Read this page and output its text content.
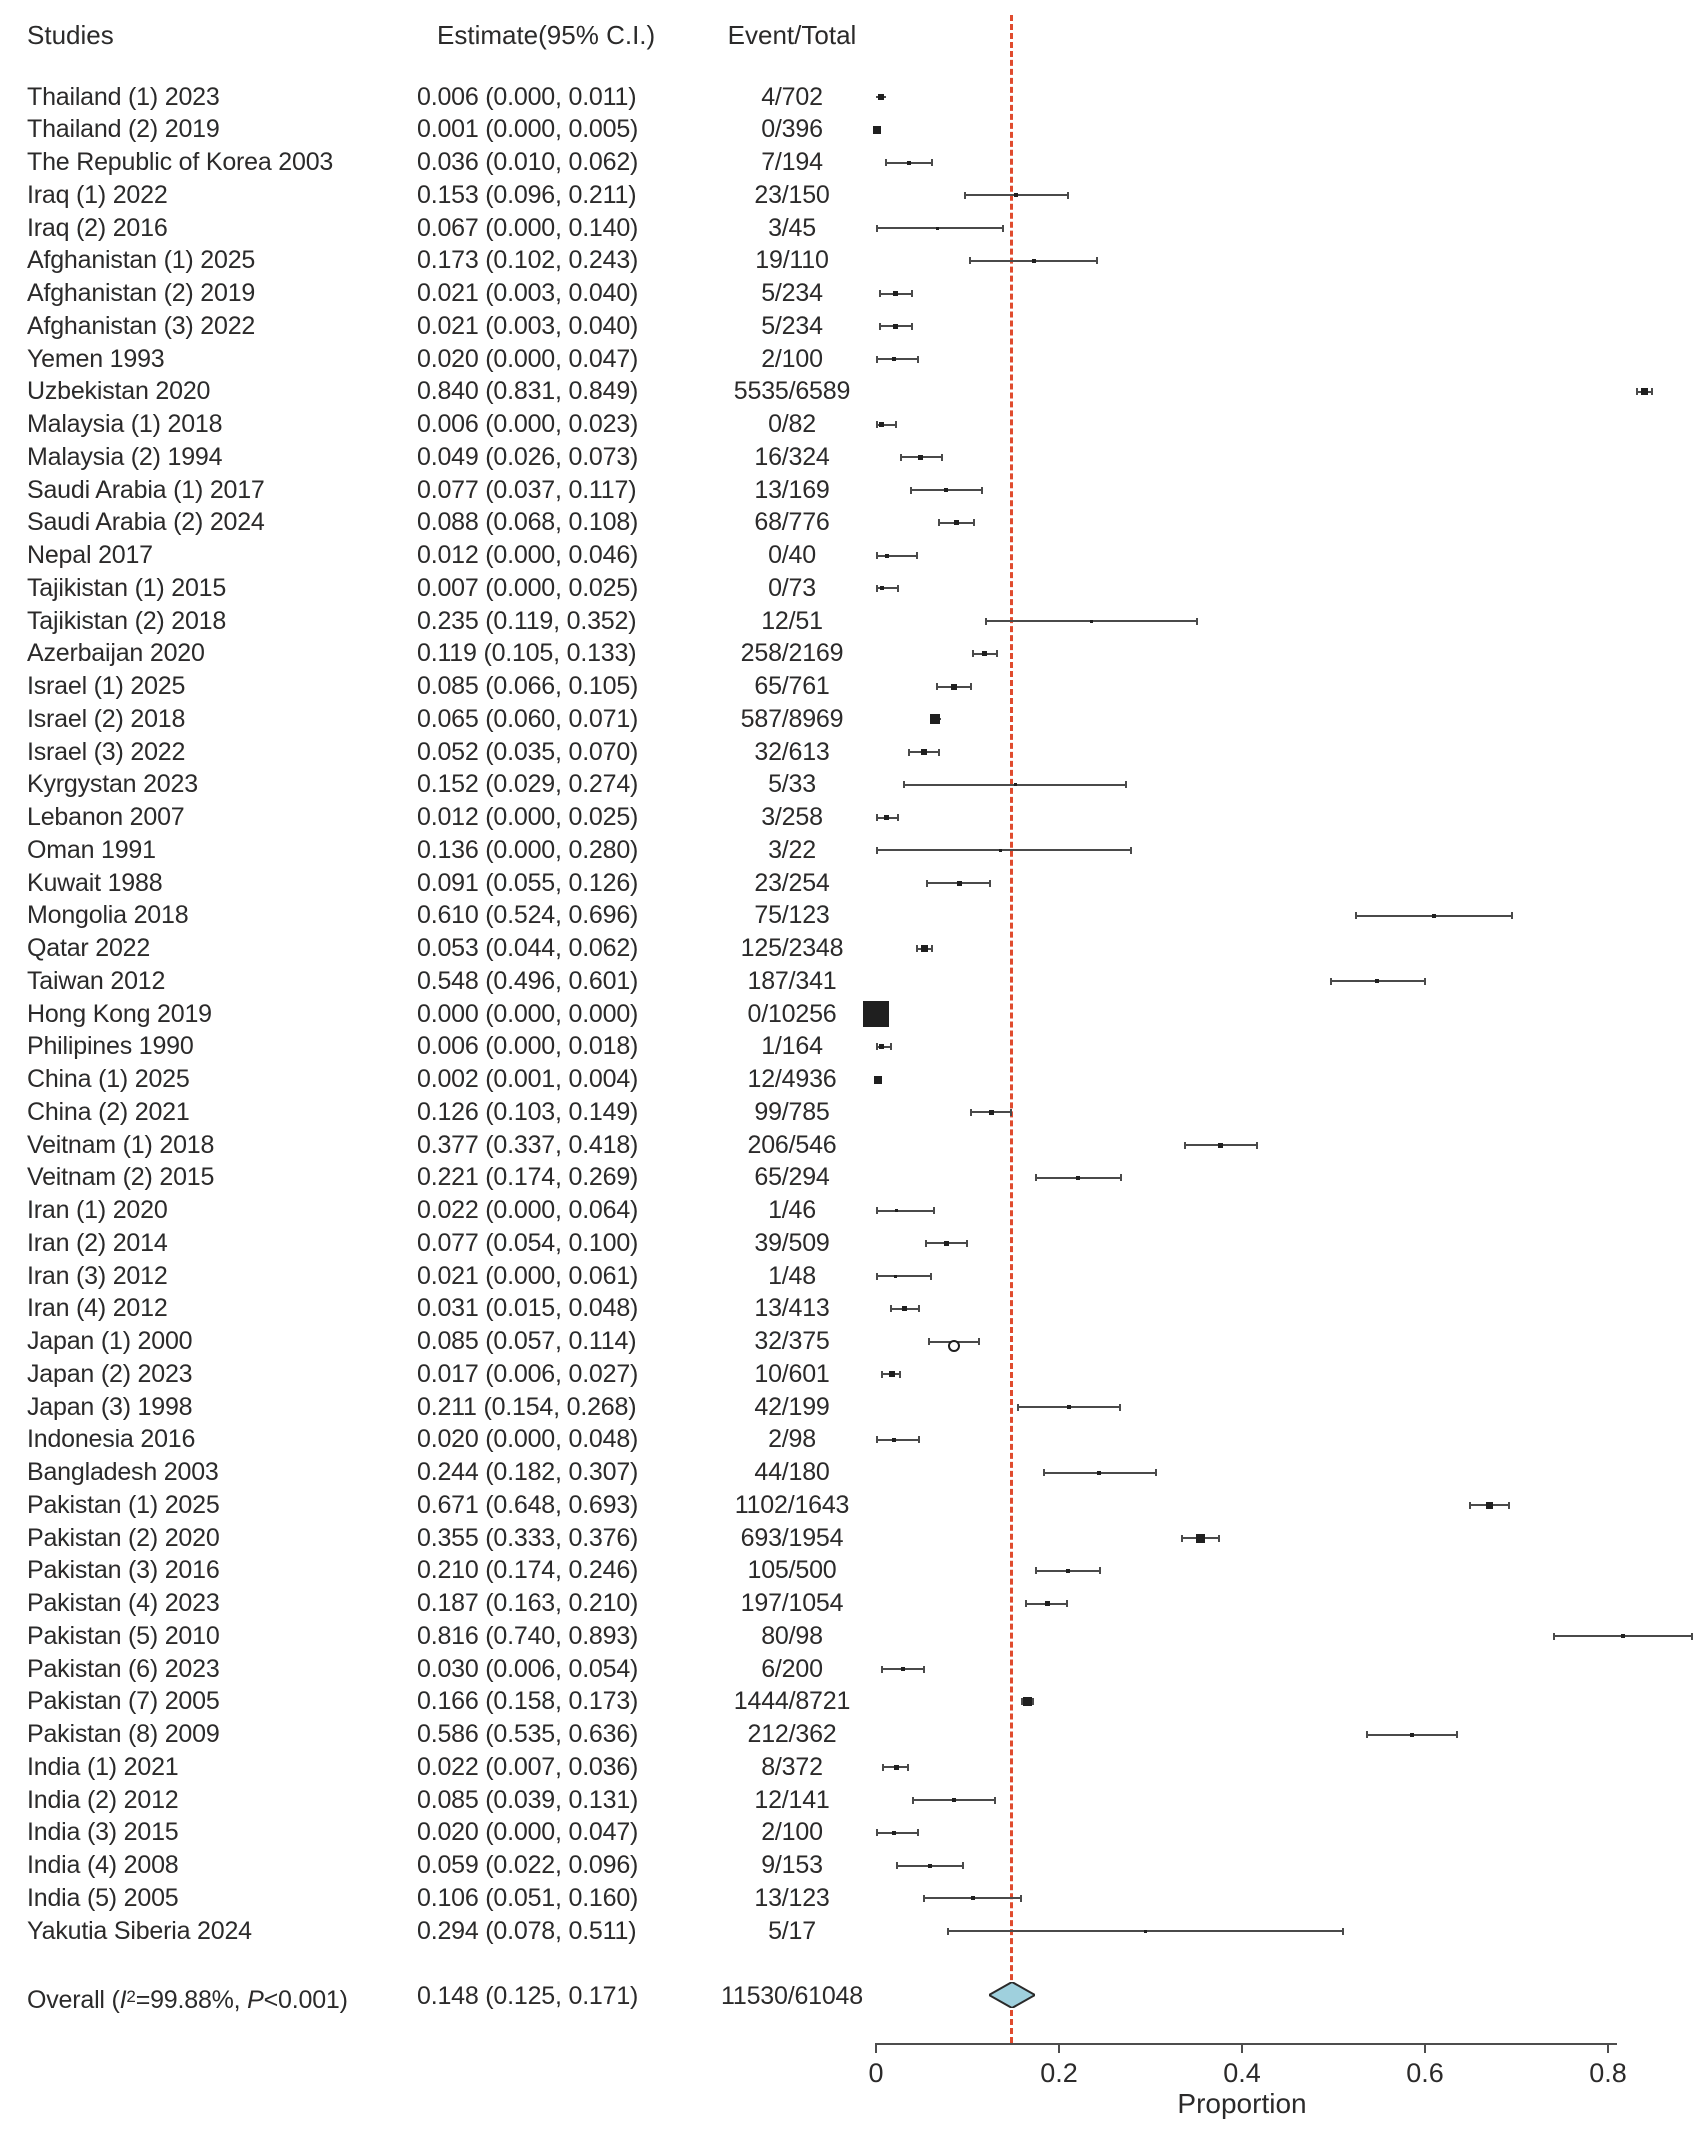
Studies	Estimate(95% C.I.)	Event/Total
Thailand (1) 2023	0.006 (0.000, 0.011)	4/702
Thailand (2) 2019	0.001 (0.000, 0.005)	0/396
The Republic of Korea 2003	0.036 (0.010, 0.062)	7/194
Iraq (1) 2022	0.153 (0.096, 0.211)	23/150
Iraq (2) 2016	0.067 (0.000, 0.140)	3/45
Afghanistan (1) 2025	0.173 (0.102, 0.243)	19/110
Afghanistan (2) 2019	0.021 (0.003, 0.040)	5/234
Afghanistan (3) 2022	0.021 (0.003, 0.040)	5/234
Yemen 1993	0.020 (0.000, 0.047)	2/100
Uzbekistan 2020	0.840 (0.831, 0.849)	5535/6589
Malaysia (1) 2018	0.006 (0.000, 0.023)	0/82
Malaysia (2) 1994	0.049 (0.026, 0.073)	16/324
Saudi Arabia (1) 2017	0.077 (0.037, 0.117)	13/169
Saudi Arabia (2) 2024	0.088 (0.068, 0.108)	68/776
Nepal 2017	0.012 (0.000, 0.046)	0/40
Tajikistan (1) 2015	0.007 (0.000, 0.025)	0/73
Tajikistan (2) 2018	0.235 (0.119, 0.352)	12/51
Azerbaijan 2020	0.119 (0.105, 0.133)	258/2169
Israel (1) 2025	0.085 (0.066, 0.105)	65/761
Israel (2) 2018	0.065 (0.060, 0.071)	587/8969
Israel (3) 2022	0.052 (0.035, 0.070)	32/613
Kyrgystan 2023	0.152 (0.029, 0.274)	5/33
Lebanon 2007	0.012 (0.000, 0.025)	3/258
Oman 1991	0.136 (0.000, 0.280)	3/22
Kuwait 1988	0.091 (0.055, 0.126)	23/254
Mongolia 2018	0.610 (0.524, 0.696)	75/123
Qatar 2022	0.053 (0.044, 0.062)	125/2348
Taiwan 2012	0.548 (0.496, 0.601)	187/341
Hong Kong 2019	0.000 (0.000, 0.000)	0/10256
Philipines 1990	0.006 (0.000, 0.018)	1/164
China (1) 2025	0.002 (0.001, 0.004)	12/4936
China (2) 2021	0.126 (0.103, 0.149)	99/785
Veitnam (1) 2018	0.377 (0.337, 0.418)	206/546
Veitnam (2) 2015	0.221 (0.174, 0.269)	65/294
Iran (1) 2020	0.022 (0.000, 0.064)	1/46
Iran (2) 2014	0.077 (0.054, 0.100)	39/509
Iran (3) 2012	0.021 (0.000, 0.061)	1/48
Iran (4) 2012	0.031 (0.015, 0.048)	13/413
Japan (1) 2000	0.085 (0.057, 0.114)	32/375
Japan (2) 2023	0.017 (0.006, 0.027)	10/601
Japan (3) 1998	0.211 (0.154, 0.268)	42/199
Indonesia 2016	0.020 (0.000, 0.048)	2/98
Bangladesh 2003	0.244 (0.182, 0.307)	44/180
Pakistan (1) 2025	0.671 (0.648, 0.693)	1102/1643
Pakistan (2) 2020	0.355 (0.333, 0.376)	693/1954
Pakistan (3) 2016	0.210 (0.174, 0.246)	105/500
Pakistan (4) 2023	0.187 (0.163, 0.210)	197/1054
Pakistan (5) 2010	0.816 (0.740, 0.893)	80/98
Pakistan (6) 2023	0.030 (0.006, 0.054)	6/200
Pakistan (7) 2005	0.166 (0.158, 0.173)	1444/8721
Pakistan (8) 2009	0.586 (0.535, 0.636)	212/362
India (1) 2021	0.022 (0.007, 0.036)	8/372
India (2) 2012	0.085 (0.039, 0.131)	12/141
India (3) 2015	0.020 (0.000, 0.047)	2/100
India (4) 2008	0.059 (0.022, 0.096)	9/153
India (5) 2005	0.106 (0.051, 0.160)	13/123
Yakutia Siberia 2024	0.294 (0.078, 0.511)	5/17
Overall ($I^2=99.88\%$, P<0.001)	0.148 (0.125, 0.171)	11530/61048
0	0.2	0.4	0.6	0.8
Proportion
